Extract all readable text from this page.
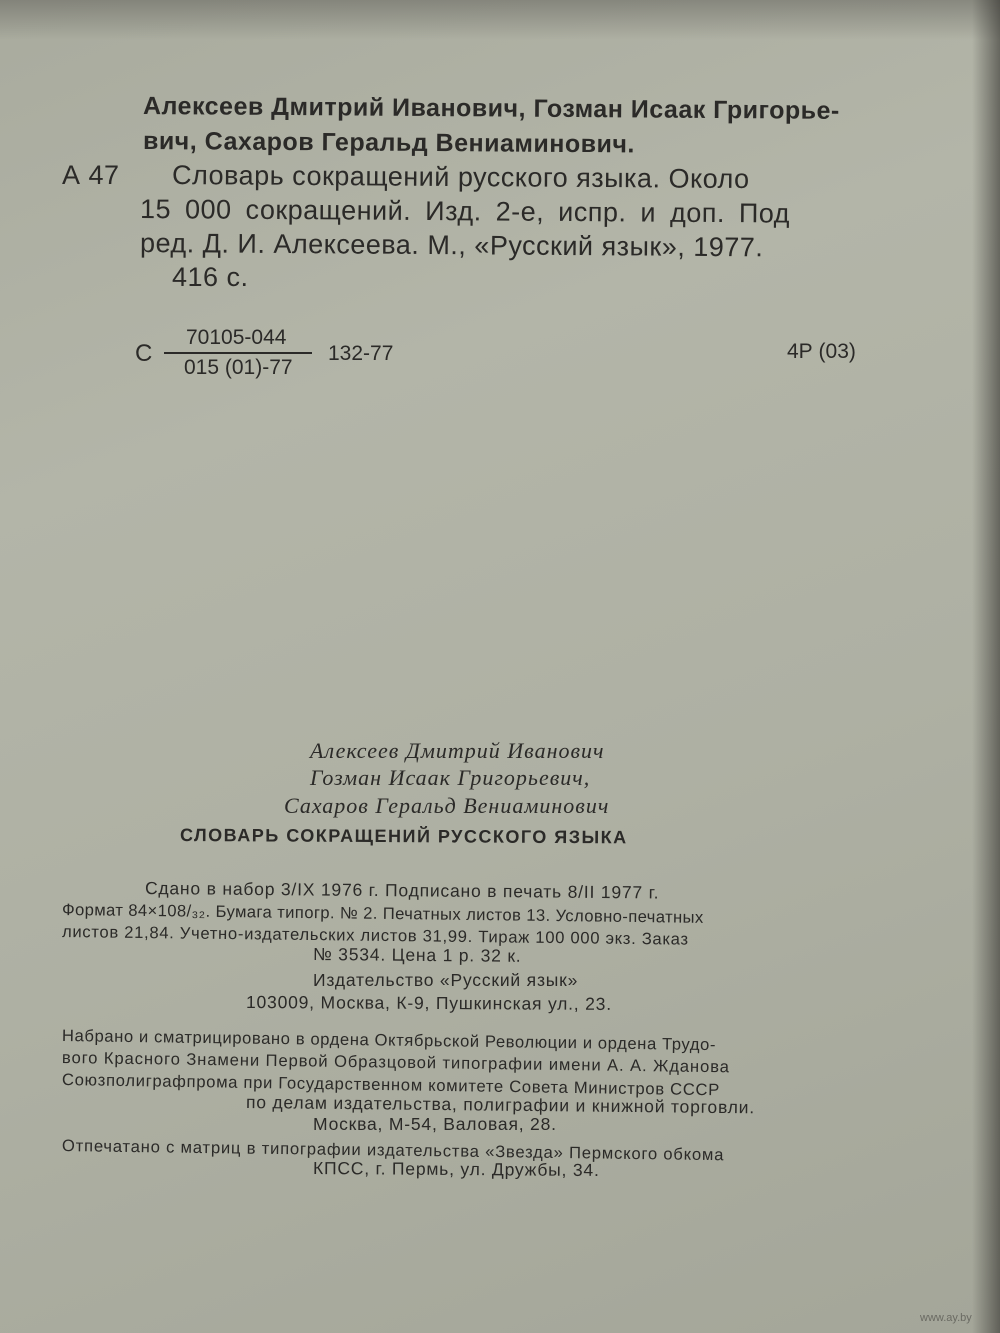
Алексеев Дмитрий Иванович, Гозман Исаак Григорье-
вич, Сахаров Геральд Вениаминович.
А 47 Словарь сокращений русского языка. Около
15 000 сокращений. Изд. 2-е, испр. и доп. Под
ред. Д. И. Алексеева. М., «Русский язык», 1977.
416 с.
С
70105-044
015 (01)-77
132-77	4Р (03)
Алексеев Дмитрий Иванович
Гозман Исаак Григорьевич,
Сахаров Геральд Вениаминович
СЛОВАРЬ СОКРАЩЕНИЙ РУССКОГО ЯЗЫКА
Сдано в набор 3/IX 1976 г. Подписано в печать 8/II 1977 г.
Формат 84×108/₃₂. Бумага типогр. № 2. Печатных листов 13. Условно-печатных
листов 21,84. Учетно-издательских листов 31,99. Тираж 100 000 экз. Заказ
№ 3534. Цена 1 р. 32 к.
Издательство «Русский язык»
103009, Москва, К-9, Пушкинская ул., 23.
Набрано и сматрицировано в ордена Октябрьской Революции и ордена Трудо-
вого Красного Знамени Первой Образцовой типографии имени А. А. Жданова
Союзполиграфпрома при Государственном комитете Совета Министров СССР
по делам издательства, полиграфии и книжной торговли.
Москва, М-54, Валовая, 28.
Отпечатано с матриц в типографии издательства «Звезда» Пермского обкома
КПСС, г. Пермь, ул. Дружбы, 34.
www.ay.by
